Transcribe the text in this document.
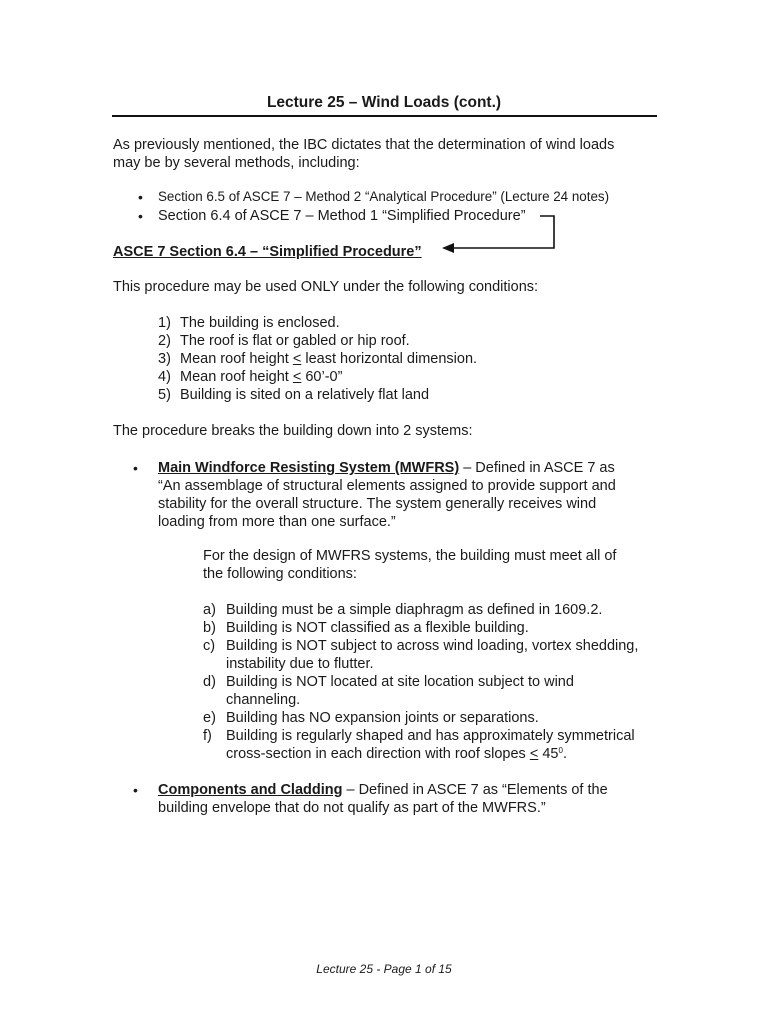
Lecture 25 – Wind Loads (cont.)
As previously mentioned, the IBC dictates that the determination of wind loads
may be by several methods, including:
• Section 6.5 of ASCE 7 – Method 2 “Analytical Procedure” (Lecture 24 notes)
• Section 6.4 of ASCE 7 – Method 1 “Simplified Procedure”
ASCE 7 Section 6.4 – “Simplified Procedure”
This procedure may be used ONLY under the following conditions:
1) The building is enclosed.
2) The roof is flat or gabled or hip roof.
3) Mean roof height < least horizontal dimension.
4) Mean roof height < 60’-0”
5) Building is sited on a relatively flat land
The procedure breaks the building down into 2 systems:
• Main Windforce Resisting System (MWFRS) – Defined in ASCE 7 as
“An assemblage of structural elements assigned to provide support and
stability for the overall structure. The system generally receives wind
loading from more than one surface.”
For the design of MWFRS systems, the building must meet all of
the following conditions:
a) Building must be a simple diaphragm as defined in 1609.2.
b) Building is NOT classified as a flexible building.
c) Building is NOT subject to across wind loading, vortex shedding,
instability due to flutter.
d) Building is NOT located at site location subject to wind
channeling.
e) Building has NO expansion joints or separations.
f) Building is regularly shaped and has approximately symmetrical
cross-section in each direction with roof slopes < $45^0$.
• Components and Cladding – Defined in ASCE 7 as “Elements of the
building envelope that do not qualify as part of the MWFRS.”
Lecture 25 - Page 1 of 15
